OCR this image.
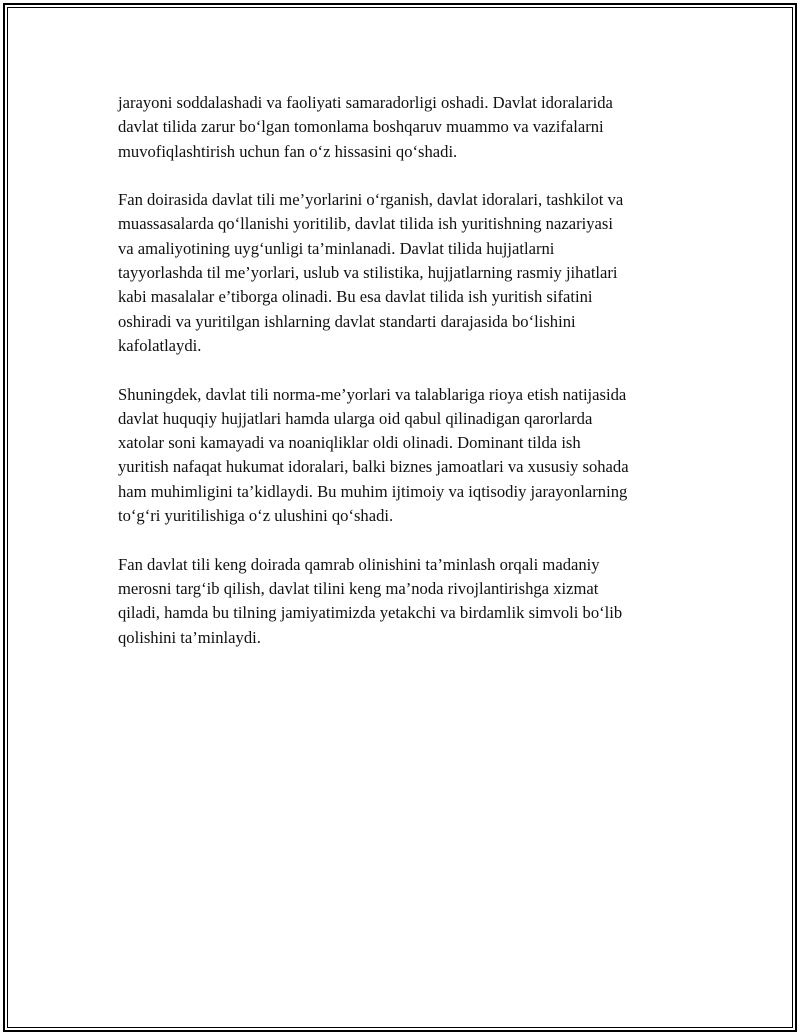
jarayoni soddalashadi va faoliyati samaradorligi oshadi. Davlat idoralarida
davlat tilida zarur bo‘lgan tomonlama boshqaruv muammo va vazifalarni
muvofiqlashtirish uchun fan o‘z hissasini qo‘shadi.

Fan doirasida davlat tili me’yorlarini o‘rganish, davlat idoralari, tashkilot va
muassasalarda qo‘llanishi yoritilib, davlat tilida ish yuritishning nazariyasi
va amaliyotining uyg‘unligi ta’minlanadi. Davlat tilida hujjatlarni
tayyorlashda til me’yorlari, uslub va stilistika, hujjatlarning rasmiy jihatlari
kabi masalalar e’tiborga olinadi. Bu esa davlat tilida ish yuritish sifatini
oshiradi va yuritilgan ishlarning davlat standarti darajasida bo‘lishini
kafolatlaydi.

Shuningdek, davlat tili norma-me’yorlari va talablariga rioya etish natijasida
davlat huquqiy hujjatlari hamda ularga oid qabul qilinadigan qarorlarda
xatolar soni kamayadi va noaniqliklar oldi olinadi. Dominant tilda ish
yuritish nafaqat hukumat idoralari, balki biznes jamoatlari va xususiy sohada
ham muhimligini ta’kidlaydi. Bu muhim ijtimoiy va iqtisodiy jarayonlarning
to‘g‘ri yuritilishiga o‘z ulushini qo‘shadi.

Fan davlat tili keng doirada qamrab olinishini ta’minlash orqali madaniy
merosni targ‘ib qilish, davlat tilini keng ma’noda rivojlantirishga xizmat
qiladi, hamda bu tilning jamiyatimizda yetakchi va birdamlik simvoli bo‘lib
qolishini ta’minlaydi.
